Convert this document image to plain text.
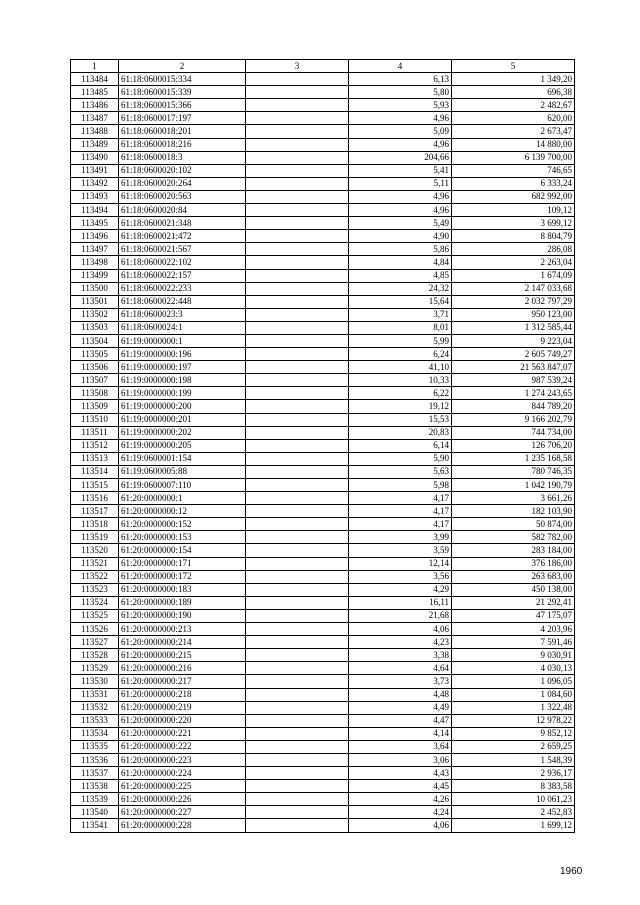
1	2	3	4	5
113484	61:18:0600015:334		6,13	1 349,20
113485	61:18:0600015:339		5,80	696,38
113486	61:18:0600015:366		5,93	2 482,67
113487	61:18:0600017:197		4,96	620,00
113488	61:18:0600018:201		5,09	2 673,47
113489	61:18:0600018:216		4,96	14 880,00
113490	61:18:0600018:3		204,66	6 139 700,00
113491	61:18:0600020:102		5,41	746,65
113492	61:18:0600020:264		5,11	6 333,24
113493	61:18:0600020:563		4,96	682 992,00
113494	61:18:0600020:84		4,96	109,12
113495	61:18:0600021:348		5,49	3 699,12
113496	61:18:0600021:472		4,90	8 804,79
113497	61:18:0600021:567		5,86	286,08
113498	61:18:0600022:102		4,84	2 263,04
113499	61:18:0600022:157		4,85	1 674,09
113500	61:18:0600022:233		24,32	2 147 033,68
113501	61:18:0600022:448		15,64	2 032 797,29
113502	61:18:0600023:3		3,71	950 123,00
113503	61:18:0600024:1		8,01	1 312 585,44
113504	61:19:0000000:1		5,99	9 223,04
113505	61:19:0000000:196		6,24	2 605 749,27
113506	61:19:0000000:197		41,10	21 563 847,07
113507	61:19:0000000:198		10,33	987 539,24
113508	61:19:0000000:199		6,22	1 274 243,65
113509	61:19:0000000:200		19,12	844 789,20
113510	61:19:0000000:201		15,53	9 166 202,79
113511	61:19:0000000:202		20,83	744 734,00
113512	61:19:0000000:205		6,14	126 706,20
113513	61:19:0600001:154		5,90	1 235 168,58
113514	61:19:0600005:88		5,63	780 746,35
113515	61:19:0600007:110		5,98	1 042 190,79
113516	61:20:0000000:1		4,17	3 661,26
113517	61:20:0000000:12		4,17	182 103,90
113518	61:20:0000000:152		4,17	50 874,00
113519	61:20:0000000:153		3,99	582 782,00
113520	61:20:0000000:154		3,59	283 184,00
113521	61:20:0000000:171		12,14	376 186,00
113522	61:20:0000000:172		3,56	263 683,00
113523	61:20:0000000:183		4,29	450 138,00
113524	61:20:0000000:189		16,11	21 292,41
113525	61:20:0000000:190		21,68	47 175,07
113526	61:20:0000000:213		4,06	4 203,96
113527	61:20:0000000:214		4,23	7 591,46
113528	61:20:0000000:215		3,38	9 030,91
113529	61:20:0000000:216		4,64	4 030,13
113530	61:20:0000000:217		3,73	1 096,05
113531	61:20:0000000:218		4,48	1 084,60
113532	61:20:0000000:219		4,49	1 322,48
113533	61:20:0000000:220		4,47	12 978,22
113534	61:20:0000000:221		4,14	9 852,12
113535	61:20:0000000:222		3,64	2 659,25
113536	61:20:0000000:223		3,06	1 548,39
113537	61:20:0000000:224		4,43	2 936,17
113538	61:20:0000000:225		4,45	8 383,58
113539	61:20:0000000:226		4,26	10 061,23
113540	61:20:0000000:227		4,24	2 452,83
113541	61:20:0000000:228		4,06	1 699,12
1960
